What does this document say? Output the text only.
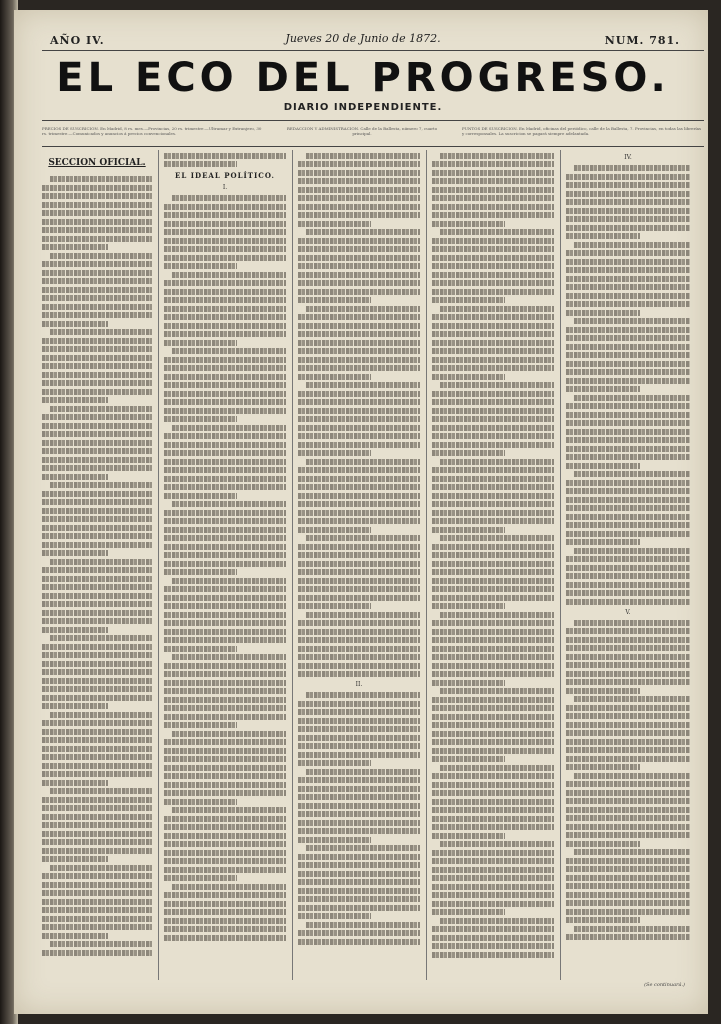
AÑO IV.	Jueves 20 de Junio de 1872.	NUM. 781.
EL ECO DEL PROGRESO.
DIARIO INDEPENDIENTE.
PRECIOS DE SUSCRICION. En Madrid, 8 rs. mes.—Provincias, 20 rs. trimestre.—Ultramar y Extranjero, 30 rs. trimestre.—Comunicados y anuncios á precios convencionales.
REDACCION Y ADMINISTRACION. Calle de la Ballesta, número 7, cuarto principal.
PUNTOS DE SUSCRICION. En Madrid, oficinas del periódico, calle de la Ballesta, 7. Provincias, en todas las librerías y corresponsales. La suscricion se pagará siempre adelantada.
SECCION OFICIAL.
EL IDEAL POLÍTICO.
I.
II.
IV.
V.
(Se continuará.)
